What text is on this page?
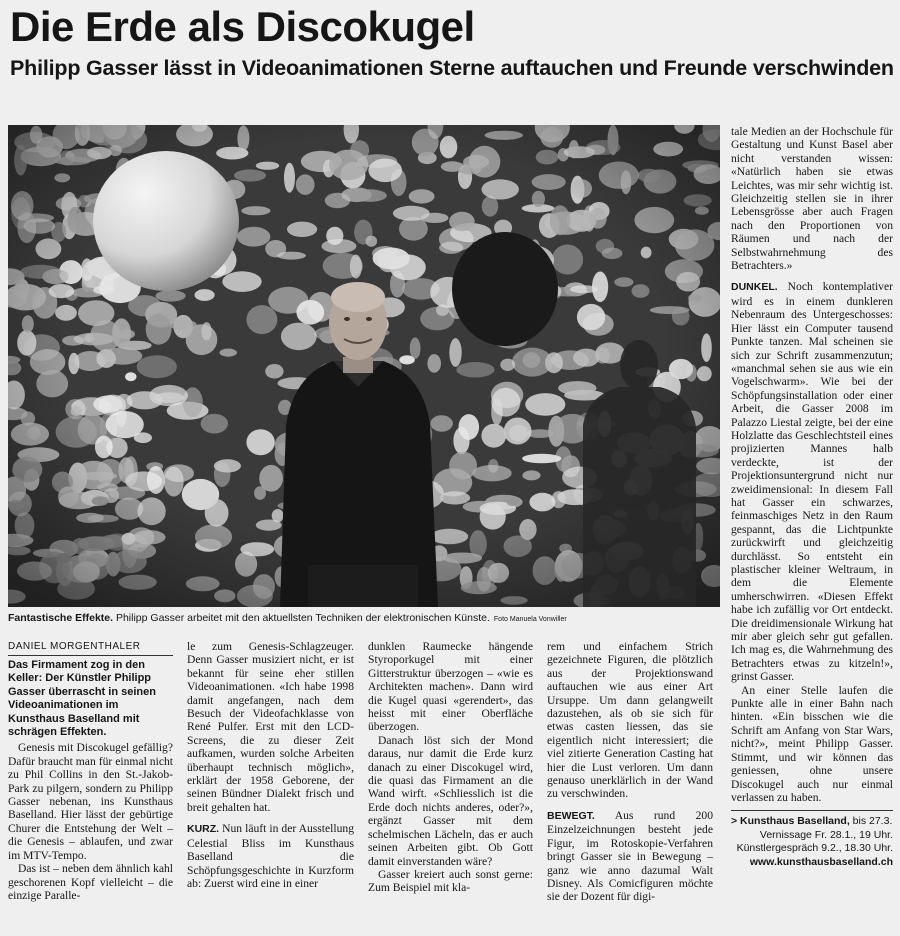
Die Erde als Discokugel
Philipp Gasser lässt in Videoanimationen Sterne auftauchen und Freunde verschwinden
Fantastische Effekte. Philipp Gasser arbeitet mit den aktuellsten Techniken der elektronischen Künste. Foto Manuela Vonwiller
DANIEL MORGENTHALER

Das Firmament zog in den Keller: Der Künstler Philipp Gasser überrascht in seinen Videoanimationen im Kunsthaus Baselland mit schrägen Effekten.

Genesis mit Discokugel gefällig? Dafür braucht man für einmal nicht zu Phil Collins in den St.-Jakob-Park zu pilgern, sondern zu Philipp Gasser nebenan, ins Kunsthaus Baselland. Hier lässt der gebürtige Churer die Entstehung der Welt – die Genesis – ablaufen, und zwar im MTV-Tempo.

Das ist – neben dem ähnlich kahl geschorenen Kopf vielleicht – die einzige Paralle-

le zum Genesis-Schlagzeuger. Denn Gasser musiziert nicht, er ist bekannt für seine eher stillen Videoanimationen. «Ich habe 1998 damit angefangen, nach dem Besuch der Videofachklasse von René Pulfer. Erst mit den LCD-Screens, die zu dieser Zeit aufkamen, wurden solche Arbeiten überhaupt technisch möglich», erklärt der 1958 Geborene, der seinen Bündner Dialekt frisch und breit gehalten hat.

KURZ. Nun läuft in der Ausstellung Celestial Bliss im Kunsthaus Baselland die Schöpfungsgeschichte in Kurzform ab: Zuerst wird eine in einer

dunklen Raumecke hängende Styroporkugel mit einer Gitterstruktur überzogen – «wie es Architekten machen». Dann wird die Kugel quasi «gerendert», das heisst mit einer Oberfläche überzogen.

Danach löst sich der Mond daraus, nur damit die Erde kurz danach zu einer Discokugel wird, die quasi das Firmament an die Wand wirft. «Schliesslich ist die Erde doch nichts anderes, oder?», ergänzt Gasser mit dem schelmischen Lächeln, das er auch seinen Arbeiten gibt. Ob Gott damit einverstanden wäre?

Gasser kreiert auch sonst gerne: Zum Beispiel mit kla-

rem und einfachem Strich gezeichnete Figuren, die plötzlich aus der Projektionswand auftauchen wie aus einer Art Ursuppe. Um dann gelangweilt dazustehen, als ob sie sich für etwas casten liessen, das sie eigentlich nicht interessiert; die viel zitierte Generation Casting hat hier die Lust verloren. Um dann genauso unerklärlich in der Wand zu verschwinden.

BEWEGT. Aus rund 200 Einzelzeichnungen besteht jede Figur, im Rotoskopie-Verfahren bringt Gasser sie in Bewegung – ganz wie anno dazumal Walt Disney. Als Comicfiguren möchte sie der Dozent für digi-

tale Medien an der Hochschule für Gestaltung und Kunst Basel aber nicht verstanden wissen: «Natürlich haben sie etwas Leichtes, was mir sehr wichtig ist. Gleichzeitig stellen sie in ihrer Lebensgrösse aber auch Fragen nach den Proportionen von Räumen und nach der Selbstwahrnehmung des Betrachters.»

DUNKEL. Noch kontemplativer wird es in einem dunkleren Nebenraum des Untergeschosses: Hier lässt ein Computer tausend Punkte tanzen. Mal scheinen sie sich zur Schrift zusammenzutun; «manchmal sehen sie aus wie ein Vogelschwarm». Wie bei der Schöpfungsinstallation oder einer Arbeit, die Gasser 2008 im Palazzo Liestal zeigte, bei der eine Holzlatte das Geschlechtsteil eines projizierten Mannes halb verdeckte, ist der Projektionsuntergrund nicht nur zweidimensional: In diesem Fall hat Gasser ein schwarzes, feinmaschiges Netz in den Raum gespannt, das die Lichtpunkte zurückwirft und gleichzeitig durchlässt. So entsteht ein plastischer kleiner Weltraum, in dem die Elemente umherschwirren. «Diesen Effekt habe ich zufällig vor Ort entdeckt. Die dreidimensionale Wirkung hat mir aber gleich sehr gut gefallen. Ich mag es, die Wahrnehmung des Betrachters etwas zu kitzeln!», grinst Gasser.

An einer Stelle laufen die Punkte alle in einer Bahn nach hinten. «Ein bisschen wie die Schrift am Anfang von Star Wars, nicht?», meint Philipp Gasser. Stimmt, und wir können das geniessen, ohne unsere Discokugel auch nur einmal verlassen zu haben.

> Kunsthaus Baselland, bis 27.3.
Vernissage Fr. 28.1., 19 Uhr.
Künstlergespräch 9.2., 18.30 Uhr.
www.kunsthausbaselland.ch
